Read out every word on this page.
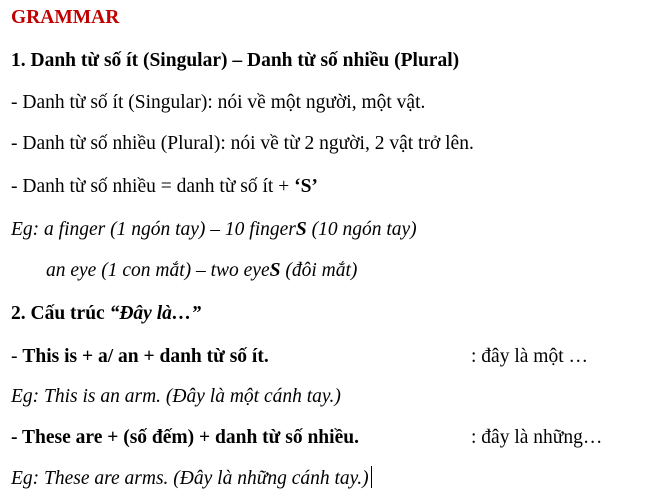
GRAMMAR
1. Danh từ số ít (Singular) – Danh từ số nhiều (Plural)
- Danh từ số ít (Singular): nói về một người, một vật.
- Danh từ số nhiều (Plural): nói về từ 2 người, 2 vật trở lên.
- Danh từ số nhiều = danh từ số ít + ‘S’
Eg: a finger (1 ngón tay) – 10 fingerS (10 ngón tay)
an eye (1 con mắt) – two eyeS (đôi mắt)
2. Cấu trúc “Đây là…”
- This is + a/ an + danh từ số ít.	: đây là một …
Eg: This is an arm. (Đây là một cánh tay.)
- These are + (số đếm) + danh từ số nhiều.	: đây là những…
Eg: These are arms. (Đây là những cánh tay.)
